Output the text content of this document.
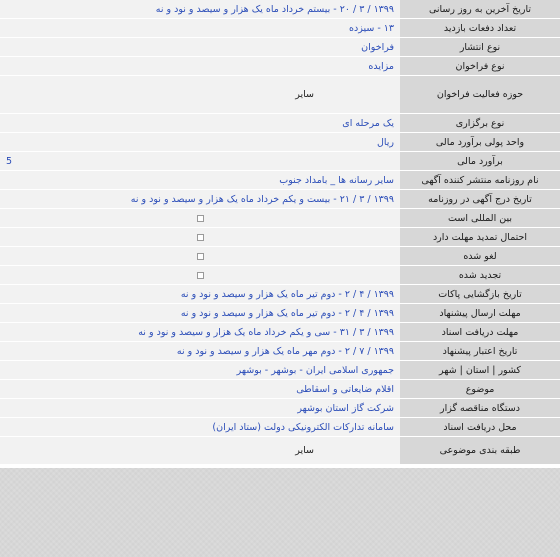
تاریخ آخرین به روز رسانی
۱۳۹۹ / ۳ / ۲۰ - بیستم خرداد ماه یک هزار و سیصد و نود و نه
تعداد دفعات بازدید
۱۳ - سیزده
نوع انتشار
فراخوان
نوع فراخوان
مزایده
حوزه فعالیت فراخوان
سایر
نوع برگزاری
یک مرحله ای
واحد پولی برآورد مالی
ریال
برآورد مالی
5
نام روزنامه منتشر کننده آگهی
سایر رسانه ها _ بامداد جنوب
تاریخ درج آگهی در روزنامه
۱۳۹۹ / ۳ / ۲۱ - بیست و یکم خرداد ماه یک هزار و سیصد و نود و نه
بین المللی است
احتمال تمدید مهلت دارد
لغو شده
تجدید شده
تاریخ بازگشایی پاکات
۱۳۹۹ / ۴ / ۲ - دوم تیر ماه یک هزار و سیصد و نود و نه
مهلت ارسال پیشنهاد
۱۳۹۹ / ۴ / ۲ - دوم تیر ماه یک هزار و سیصد و نود و نه
مهلت دریافت اسناد
۱۳۹۹ / ۳ / ۳۱ - سی و یکم خرداد ماه یک هزار و سیصد و نود و نه
تاریخ اعتبار پیشنهاد
۱۳۹۹ / ۷ / ۲ - دوم مهر ماه یک هزار و سیصد و نود و نه
کشور | استان | شهر
جمهوری اسلامی ایران - بوشهر - بوشهر
موضوع
اقلام ضایعاتی و اسقاطی
دستگاه مناقصه گزار
شرکت گاز استان بوشهر
محل دریافت اسناد
سامانه تدارکات الکترونیکی دولت (ستاد ایران)
طبقه بندی موضوعی
سایر
